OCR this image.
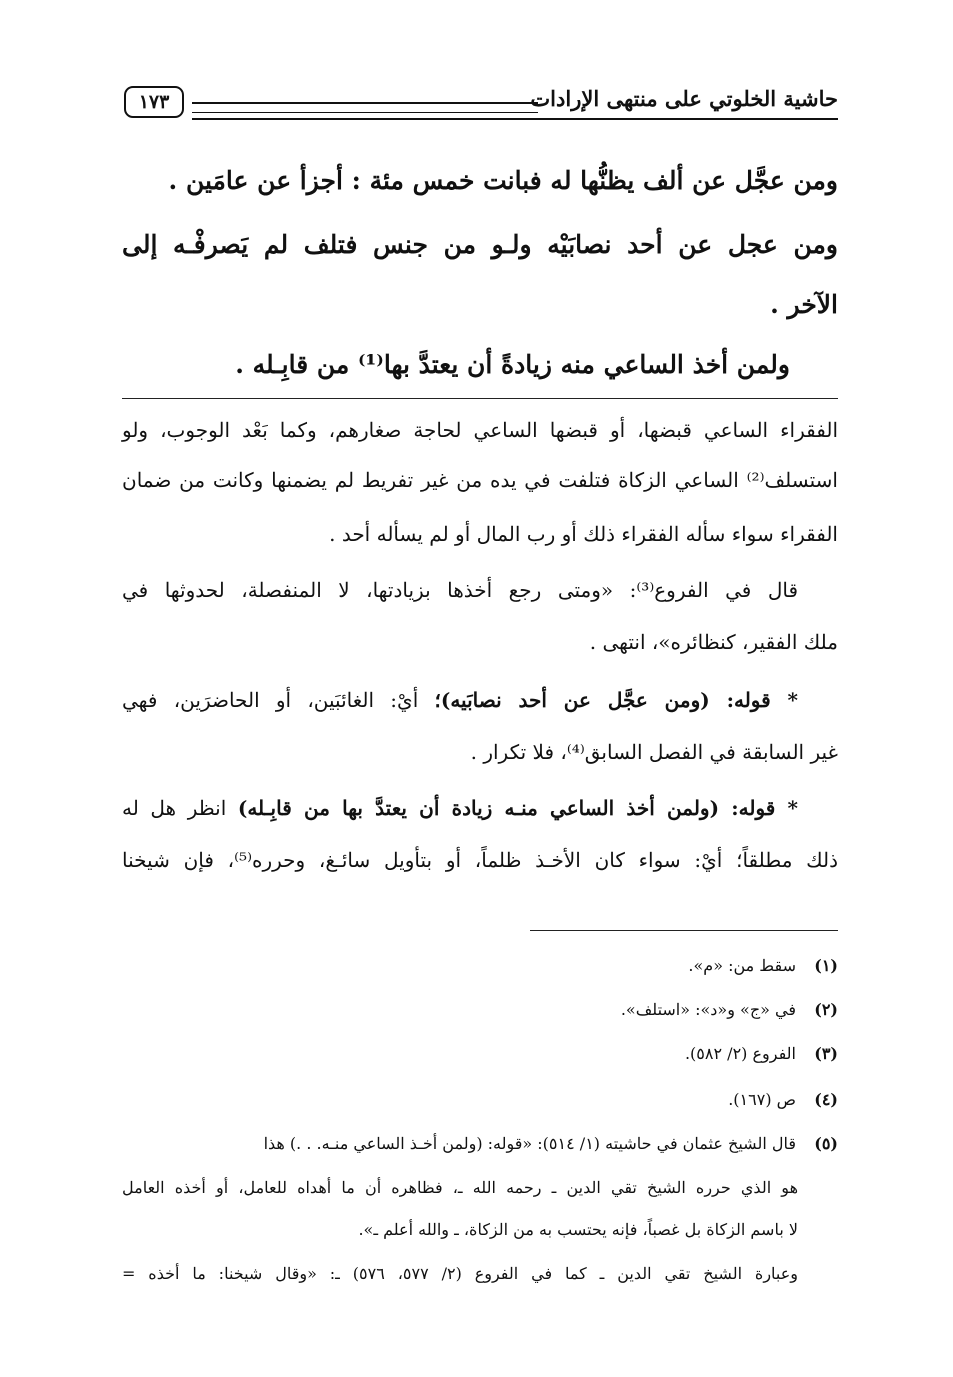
١٧٣	حاشية الخلوتي على منتهى الإرادات
ومن عجَّل عن ألف يظنُّها له فبانت خمس مئة : أجزأ عن عامَين .
ومن عجل عن أحد نصابَيْه ولـو من جنس فتلف لم يَصرفْـه إلى
الآخر .
ولمن أخذ الساعي منه زيادةً أن يعتدَّ بها⁽¹⁾ من قابِـله .
الفقراء الساعي قبضها، أو قبضها الساعي لحاجة صغارهم، وكما بَعْد الوجوب، ولو
استسلف⁽²⁾ الساعي الزكاة فتلفت في يده من غير تفريط لم يضمنها وكانت من ضمان
الفقراء سواء سأله الفقراء ذلك أو رب المال أو لم يسأله أحد .
قال في الفروع⁽³⁾: «ومتى رجع أخذها بزيادتها، لا المنفصلة، لحدوثها في
ملك الفقير، كنظائره»، انتهى .
* قوله: (ومن عجَّل عن أحد نصابَيه)؛ أيْ: الغائبَين، أو الحاضرَين، فهي
غير السابقة في الفصل السابق⁽⁴⁾، فلا تكرار .
* قوله: (ولمن أخذ الساعي منـه زيادة أن يعتدَّ بها من قابِـله) انظر هل له
ذلك مطلقاً؛ أيْ: سواء كان الأخـذ ظلماً، أو بتأويل سائـغ، وحرره⁽⁵⁾، فإن شيخنا
(١)سقط من: «م».
(٢)في «ج» و«د»: «استلف».
(٣)الفروع (٢/ ٥٨٢).
(٤)ص (١٦٧).
(٥)قال الشيخ عثمان في حاشيته (١/ ٥١٤): «قوله: (ولمن أخـذ الساعي منـه. . .) هذا
هو الذي حرره الشيخ تقي الدين ـ رحمه الله ـ، فظاهره أن ما أهداه للعامل، أو أخذه العامل
لا باسم الزكاة بل غصباً، فإنه يحتسب به من الزكاة، ـ والله أعلم ـ».
وعبارة الشيخ تقي الدين ـ كما في الفروع (٢/ ٥٧٧، ٥٧٦) ـ: «وقال شيخنا: ما أخذه =
